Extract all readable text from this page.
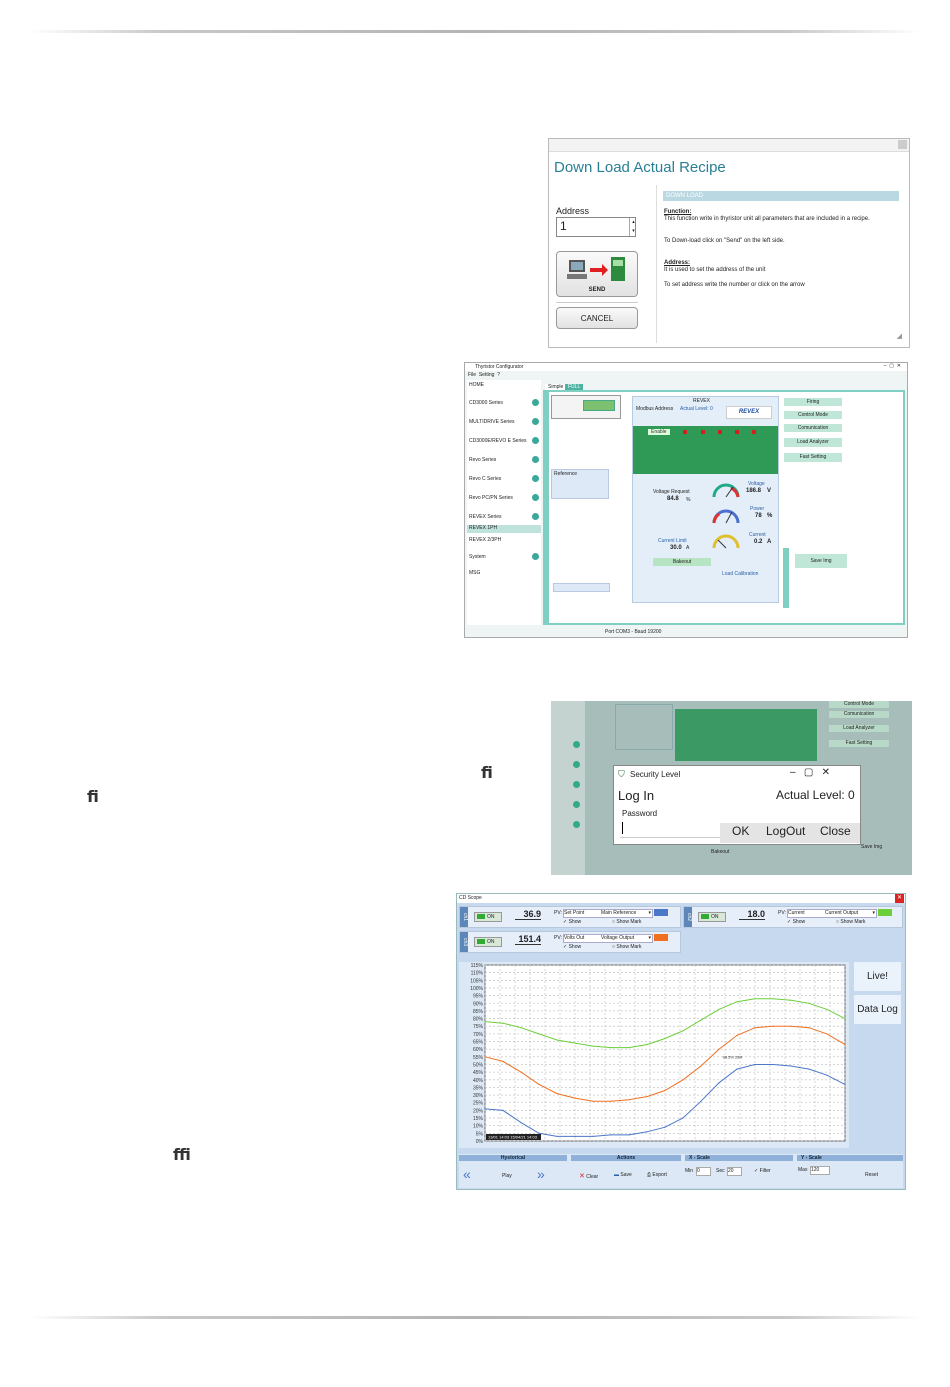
fi
fi
ffi
Down Load Actual Recipe
Address
1	▴
▾
SEND
CANCEL
DOWN LOAD
Function:
This function write in thyristor unit all parameters that are included in a recipe.
To Down-load click on "Send" on the left side.
Address:
It is used to set the address of the unit
To set address write the number or click on the arrow
◢
Thyristor Configurator	–  ▢  ✕
File Setting ?
HOME
CD3000 Series
MULTIDRIVE Series
CD3000E/REVO E Series
Revo Series
Revo C Series
Revo PC/PN Series
REVEX Series
REVEX 1PH
REVEX 2/3PH
System
MSG
Simple FULL
Reference
REVEX
Modbus Address Actual Level: 0	REVEX
Enable
Voltage Request
84.8 %
Current Limit
30.0 A
Bakeout
Load Calibration
Voltage
186.8 V
Power
78 %
Current
0.2 A
Firing
Control Mode
Comunication
Load Analyzer
Fast Setting
Save Img
Port COM3 - Baud 19200
Control Mode
Comunication
Load Analyzer
Fast Setting
Bakeout
Save Img
⛉ Security Level	–   ▢   ✕
Log In	Actual Level: 0
Password
OK LogOut Close
CD Scope	✕
ch1	ON	36.9	PV: Set Point	Main Reference ▾
✓ Show	○ Show Mark
ch3	ON	151.4	PV: Volts Out	Voltage Output	▾
✓ Show	○ Show Mark
ch2	ON	18.0	PV: Current	Current Output	▾
✓ Show	○ Show Mark
115%
110%
105%
100%
95%
90%
85%
80%
75%
70%
65%
60%
55%
50%
45%
40%
35%
30%
25%
20%
15%
10%
5%
0%
98.5% 28R
13/01 14:03 15/04/21 14:03
Live!
Data Log
Hystorical	Actions	X - Scale	Y - Scale
«	Play »	✕ Clear	▬ Save	⎙ Export
Min 0	Sec 20	✓ Filter	Max 120
Reset
